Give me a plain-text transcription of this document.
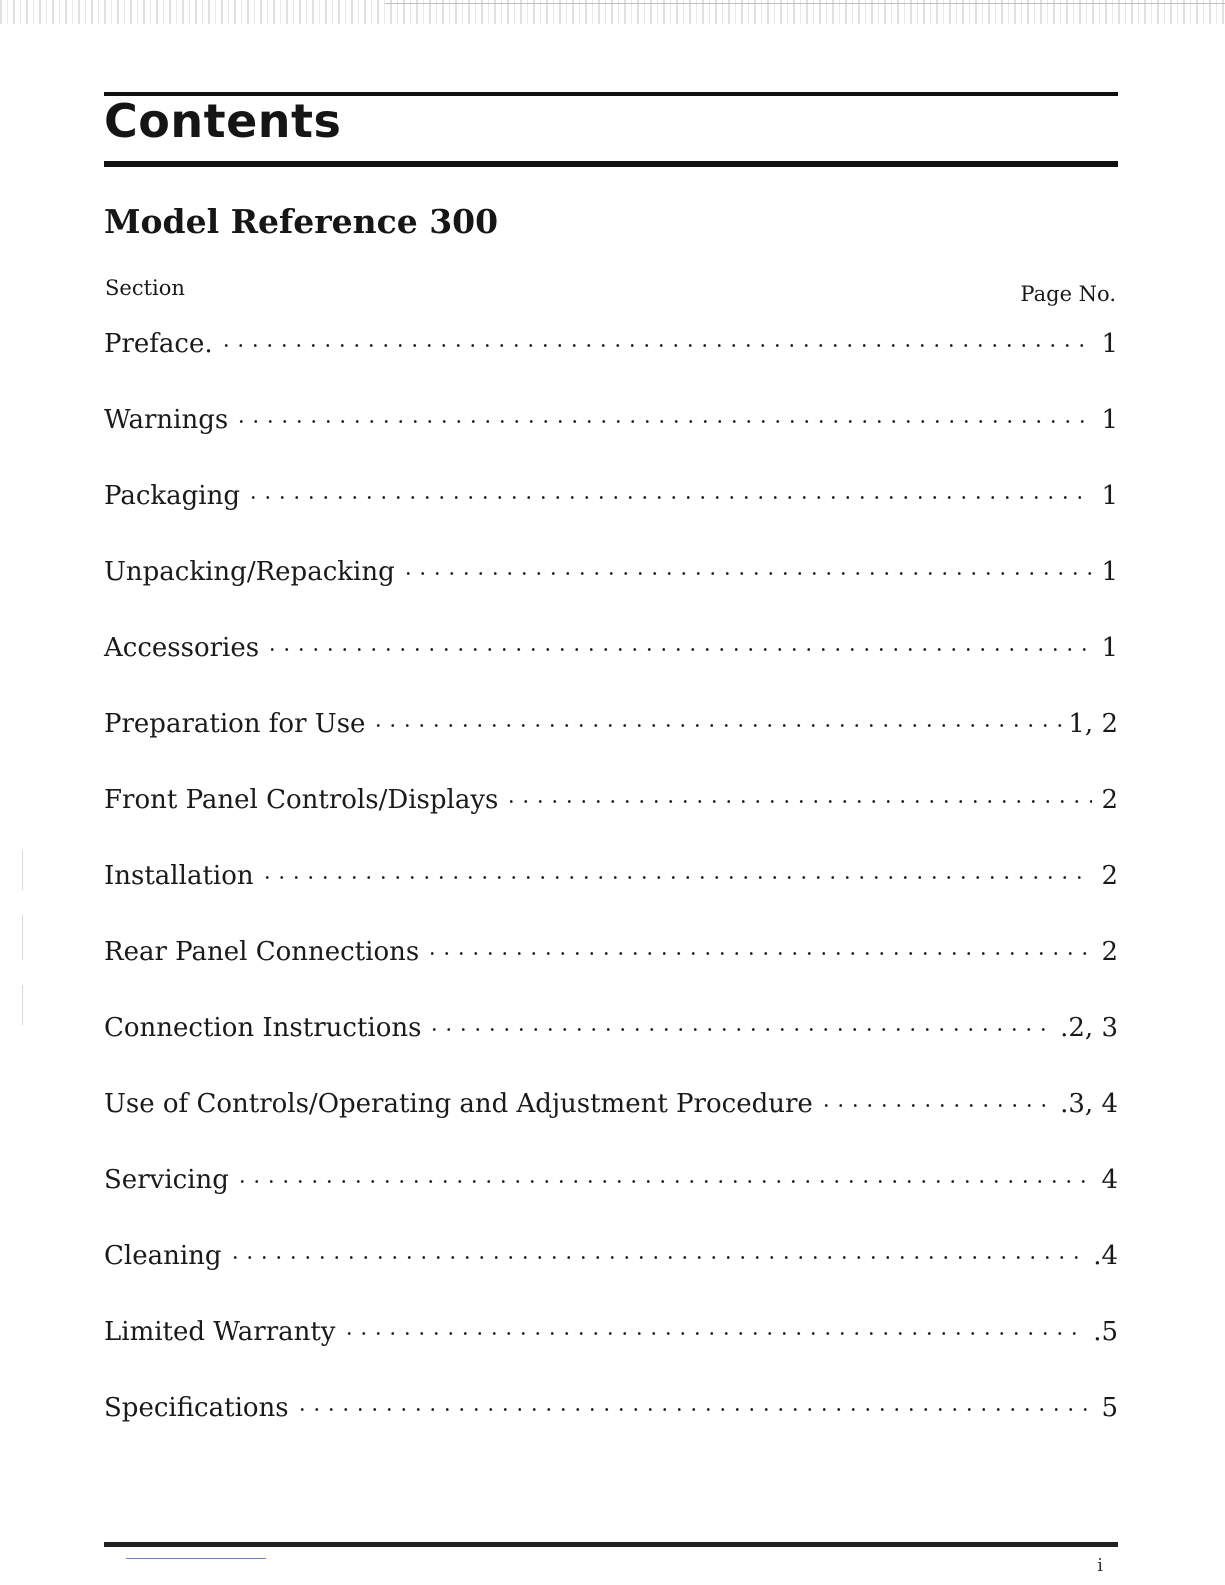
Contents
Model Reference 300
Section	Page No.
Preface.	1
Warnings	1
Packaging	1
Unpacking/Repacking	1
Accessories	1
Preparation for Use	1, 2
Front Panel Controls/Displays	2
Installation	2
Rear Panel Connections	2
Connection Instructions	.2, 3
Use of Controls/Operating and Adjustment Procedure	.3, 4
Servicing	4
Cleaning	.4
Limited Warranty	.5
Specifications	5
i
